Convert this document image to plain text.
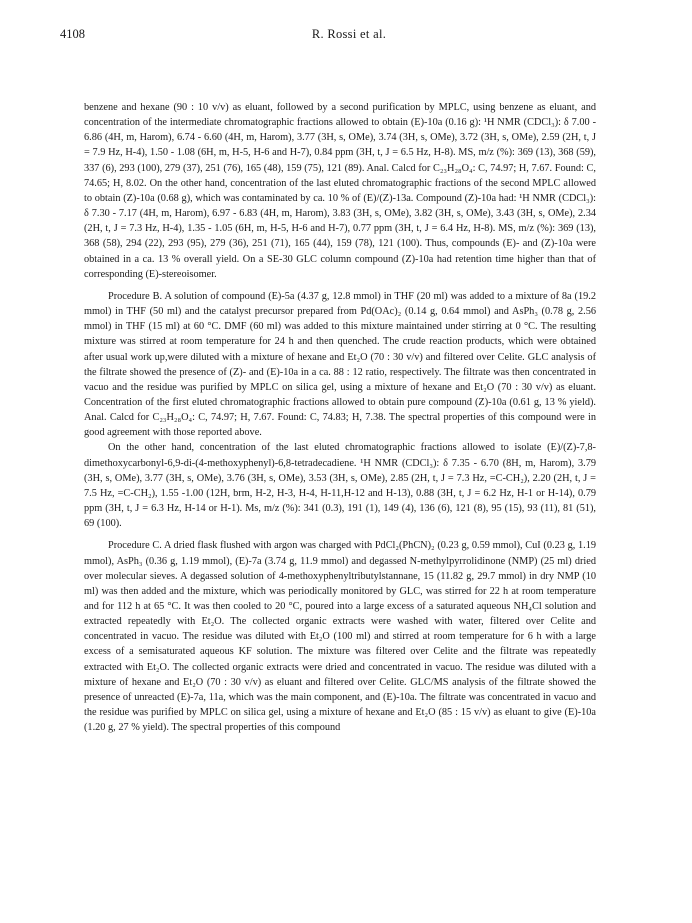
4108	R. Rossi et al.

benzene and hexane (90 : 10 v/v) as eluant, followed by a second purification by MPLC, using benzene as eluant, and concentration of the intermediate chromatographic fractions allowed to obtain (E)-10a (0.16 g): ¹H NMR (CDCl₃): δ 7.00 - 6.86 (4H, m, Harom), 6.74 - 6.60 (4H, m, Harom), 3.77 (3H, s, OMe), 3.74 (3H, s, OMe), 3.72 (3H, s, OMe), 2.59 (2H, t, J = 7.9 Hz, H-4), 1.50 - 1.08 (6H, m, H-5, H-6 and H-7), 0.84 ppm (3H, t, J = 6.5 Hz, H-8). MS, m/z (%): 369 (13), 368 (59), 337 (6), 293 (100), 279 (37), 251 (76), 165 (48), 159 (75), 121 (89). Anal. Calcd for C₂₃H₂₈O₄: C, 74.97; H, 7.67. Found: C, 74.65; H, 8.02. On the other hand, concentration of the last eluted chromatographic fractions of the second MPLC allowed to obtain (Z)-10a (0.68 g), which was contaminated by ca. 10 % of (E)/(Z)-13a. Compound (Z)-10a had: ¹H NMR (CDCl₃): δ 7.30 - 7.17 (4H, m, Harom), 6.97 - 6.83 (4H, m, Harom), 3.83 (3H, s, OMe), 3.82 (3H, s, OMe), 3.43 (3H, s, OMe), 2.34 (2H, t, J = 7.3 Hz, H-4), 1.35 - 1.05 (6H, m, H-5, H-6 and H-7), 0.77 ppm (3H, t, J = 6.4 Hz, H-8). MS, m/z (%): 369 (13), 368 (58), 294 (22), 293 (95), 279 (36), 251 (71), 165 (44), 159 (78), 121 (100). Thus, compounds (E)- and (Z)-10a were obtained in a ca. 13 % overall yield. On a SE-30 GLC column compound (Z)-10a had retention time higher than that of corresponding (E)-stereoisomer.

Procedure B. A solution of compound (E)-5a (4.37 g, 12.8 mmol) in THF (20 ml) was added to a mixture of 8a (19.2 mmol) in THF (50 ml) and the catalyst precursor prepared from Pd(OAc)₂ (0.14 g, 0.64 mmol) and AsPh₃ (0.78 g, 2.56 mmol) in THF (15 ml) at 60 °C. DMF (60 ml) was added to this mixture maintained under stirring at 0 °C. The resulting mixture was stirred at room temperature for 24 h and then quenched. The crude reaction products, which were obtained after usual work up,were diluted with a mixture of hexane and Et₂O (70 : 30 v/v) and filtered over Celite. GLC analysis of the filtrate showed the presence of (Z)- and (E)-10a in a ca. 88 : 12 ratio, respectively. The filtrate was then concentrated in vacuo and the residue was purified by MPLC on silica gel, using a mixture of hexane and Et₂O (70 : 30 v/v) as eluant. Concentration of the first eluted chromatographic fractions allowed to obtain pure compound (Z)-10a (0.61 g, 13 % yield). Anal. Calcd for C₂₃H₂₈O₄: C, 74.97; H, 7.67. Found: C, 74.83; H, 7.38. The spectral properties of this compound were in good agreement with those reported above.

On the other hand, concentration of the last eluted chromatographic fractions allowed to isolate (E)/(Z)-7,8-dimethoxycarbonyl-6,9-di-(4-methoxyphenyl)-6,8-tetradecadiene. ¹H NMR (CDCl₃): δ 7.35 - 6.70 (8H, m, Harom), 3.79 (3H, s, OMe), 3.77 (3H, s, OMe), 3.76 (3H, s, OMe), 3.53 (3H, s, OMe), 2.85 (2H, t, J = 7.3 Hz, =C-CH₂), 2.20 (2H, t, J = 7.5 Hz, =C-CH₂), 1.55 -1.00 (12H, brm, H-2, H-3, H-4, H-11,H-12 and H-13), 0.88 (3H, t, J = 6.2 Hz, H-1 or H-14), 0.79 ppm (3H, t, J = 6.3 Hz, H-14 or H-1). Ms, m/z (%): 341 (0.3), 191 (1), 149 (4), 136 (6), 121 (8), 95 (15), 93 (11), 81 (51), 69 (100).

Procedure C. A dried flask flushed with argon was charged with PdCl₂(PhCN)₂ (0.23 g, 0.59 mmol), CuI (0.23 g, 1.19 mmol), AsPh₃ (0.36 g, 1.19 mmol), (E)-7a (3.74 g, 11.9 mmol) and degassed N-methylpyrrolidinone (NMP) (25 ml) dried over molecular sieves. A degassed solution of 4-methoxyphenyltributylstannane, 15 (11.82 g, 29.7 mmol) in dry NMP (10 ml) was then added and the mixture, which was periodically monitored by GLC, was stirred for 22 h at room temperature and for 112 h at 65 °C. It was then cooled to 20 °C, poured into a large excess of a saturated aqueous NH₄Cl solution and extracted repeatedly with Et₂O. The collected organic extracts were washed with water, filtered over Celite and concentrated in vacuo. The residue was diluted with Et₂O (100 ml) and stirred at room temperature for 6 h with a large excess of a semisaturated aqueous KF solution. The mixture was filtered over Celite and the filtrate was repeatedly extracted with Et₂O. The collected organic extracts were dried and concentrated in vacuo. The residue was diluted with a mixture of hexane and Et₂O (70 : 30 v/v) as eluant and filtered over Celite. GLC/MS analysis of the filtrate showed the presence of unreacted (E)-7a, 11a, which was the main component, and (E)-10a. The filtrate was concentrated in vacuo and the residue was purified by MPLC on silica gel, using a mixture of hexane and Et₂O (85 : 15 v/v) as eluant to give (E)-10a (1.20 g, 27 % yield). The spectral properties of this compound
